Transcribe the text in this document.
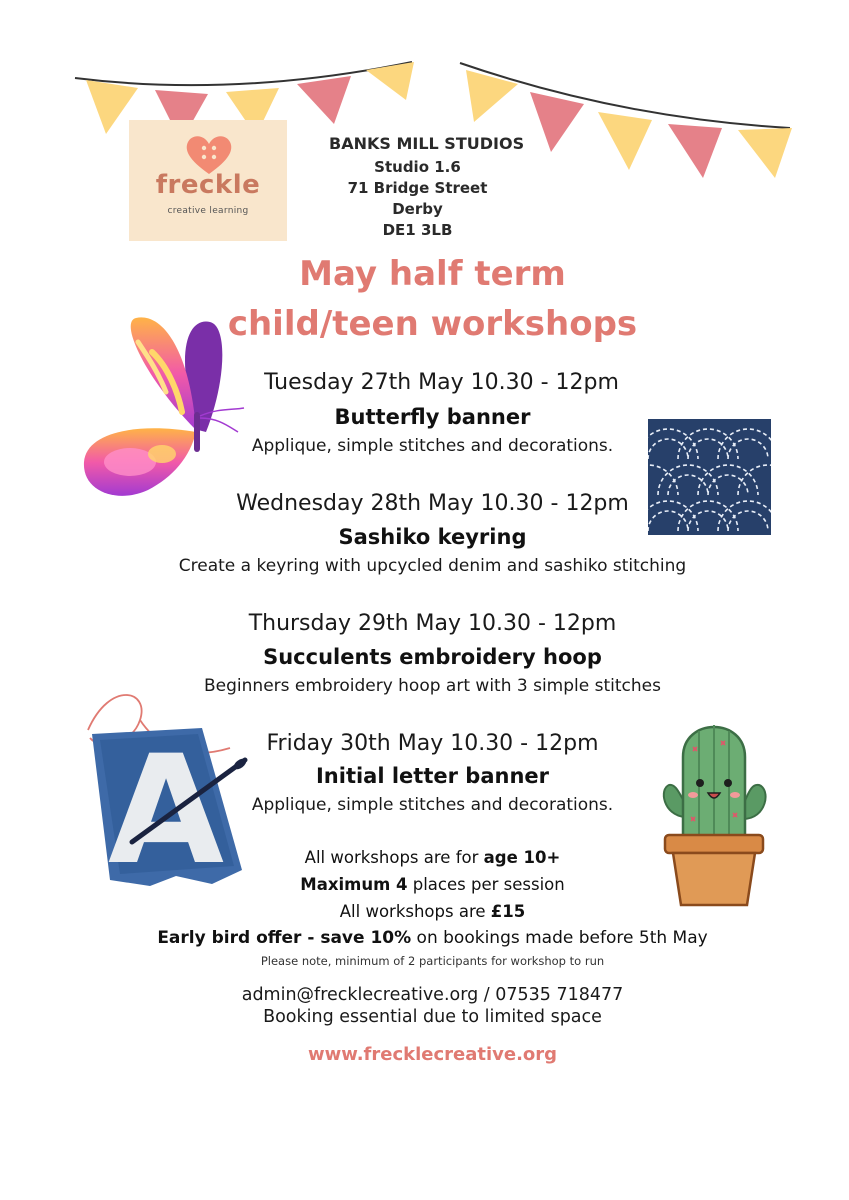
freckle
creative learning
BANKS MILL STUDIOS
Studio 1.6
71 Bridge Street
Derby
DE1 3LB
May half term
child/teen workshops
Tuesday 27th May 10.30 - 12pm
Butterfly banner
Applique, simple stitches and decorations.
Wednesday 28th May 10.30 - 12pm
Sashiko keyring
Create a keyring with upcycled denim and sashiko stitching
Thursday 29th May 10.30 - 12pm
Succulents embroidery hoop
Beginners embroidery hoop art with 3 simple stitches
A	Friday 30th May 10.30 - 12pm
Initial letter banner
Applique, simple stitches and decorations.
All workshops are for age 10+
Maximum 4 places per session
All workshops are £15
Early bird offer - save 10% on bookings made before 5th May
Please note, minimum of 2 participants for workshop to run
admin@frecklecreative.org / 07535 718477
Booking essential due to limited space
www.frecklecreative.org
